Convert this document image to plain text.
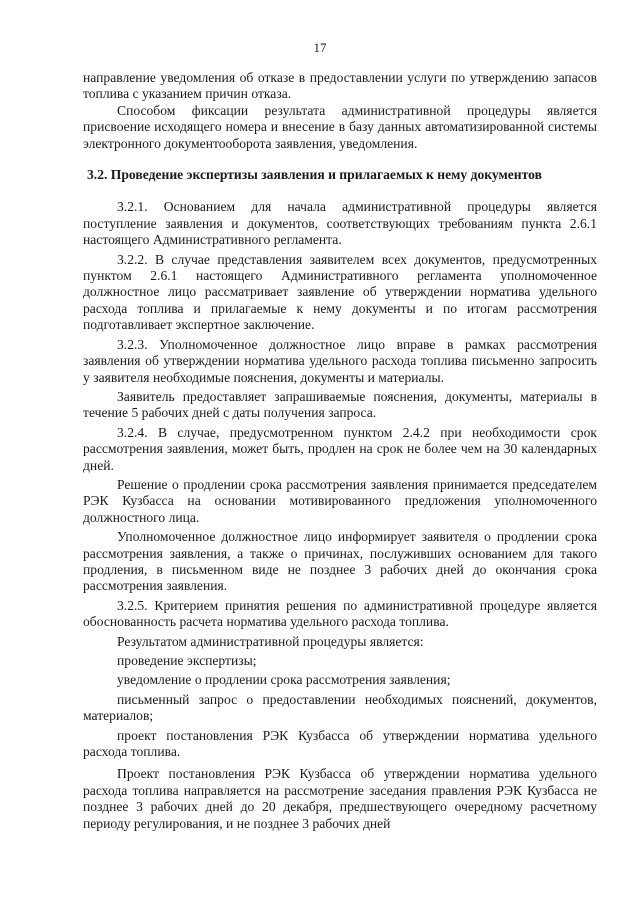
17

направление уведомления об отказе в предоставлении услуги по утверждению запасов топлива с указанием причин отказа.

Способом фиксации результата административной процедуры является присвоение исходящего номера и внесение в базу данных автоматизированной системы электронного документооборота заявления, уведомления.

3.2. Проведение экспертизы заявления и прилагаемых к нему документов

3.2.1. Основанием для начала административной процедуры является поступление заявления и документов, соответствующих требованиям пункта 2.6.1 настоящего Административного регламента.

3.2.2. В случае представления заявителем всех документов, предусмотренных пунктом 2.6.1 настоящего Административного регламента уполномоченное должностное лицо рассматривает заявление об утверждении норматива удельного расхода топлива и прилагаемые к нему документы и по итогам рассмотрения подготавливает экспертное заключение.

3.2.3. Уполномоченное должностное лицо вправе в рамках рассмотрения заявления об утверждении норматива удельного расхода топлива письменно запросить у заявителя необходимые пояснения, документы и материалы.

Заявитель предоставляет запрашиваемые пояснения, документы, материалы в течение 5 рабочих дней с даты получения запроса.

3.2.4. В случае, предусмотренном пунктом 2.4.2 при необходимости срок рассмотрения заявления, может быть, продлен на срок не более чем на 30 календарных дней.

Решение о продлении срока рассмотрения заявления принимается председателем РЭК Кузбасса на основании мотивированного предложения уполномоченного должностного лица.

Уполномоченное должностное лицо информирует заявителя о продлении срока рассмотрения заявления, а также о причинах, послуживших основанием для такого продления, в письменном виде не позднее 3 рабочих дней до окончания срока рассмотрения заявления.

3.2.5. Критерием принятия решения по административной процедуре является обоснованность расчета норматива удельного расхода топлива.

Результатом административной процедуры является:

проведение экспертизы;

уведомление о продлении срока рассмотрения заявления;

письменный запрос о предоставлении необходимых пояснений, документов, материалов;

проект постановления РЭК Кузбасса об утверждении норматива удельного расхода топлива.

Проект постановления РЭК Кузбасса об утверждении норматива удельного расхода топлива направляется на рассмотрение заседания правления РЭК Кузбасса не позднее 3 рабочих дней до 20 декабря, предшествующего очередному расчетному периоду регулирования, и не позднее 3 рабочих дней
